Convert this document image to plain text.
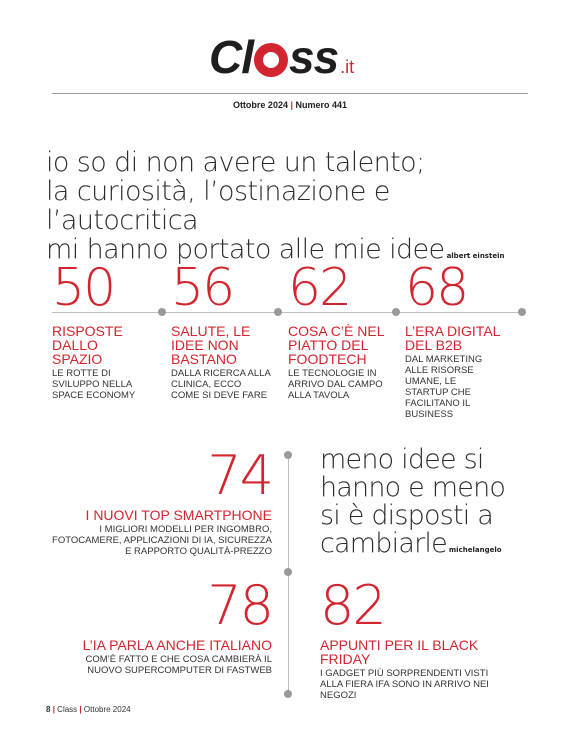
Cl ss .it
Ottobre 2024 | Numero 441
io so di non avere un talento;
la curiosità, l’ostinazione e l’autocritica
mi hanno portato alle mie idee albert einstein
50
RISPOSTE DALLO SPAZIO
LE ROTTE DI SVILUPPO NELLA SPACE ECONOMY
56
SALUTE, LE IDEE NON BASTANO
DALLA RICERCA ALLA CLINICA, ECCO COME SI DEVE FARE
62
COSA C’È NEL PIATTO DEL FOODTECH
LE TECNOLOGIE IN ARRIVO DAL CAMPO ALLA TAVOLA
68
L’ERA DIGITAL DEL B2B
DAL MARKETING ALLE RISORSE UMANE, LE STARTUP CHE FACILITANO IL BUSINESS
74
I NUOVI TOP SMARTPHONE
I MIGLIORI MODELLI PER INGOMBRO, FOTOCAMERE, APPLICAZIONI DI IA, SICUREZZA E RAPPORTO QUALITÀ-PREZZO
meno idee si
hanno e meno
si è disposti a
cambiarle michelangelo
78
L’IA PARLA ANCHE ITALIANO
COM’È FATTO E CHE COSA CAMBIERÀ IL NUOVO SUPERCOMPUTER DI FASTWEB
82
APPUNTI PER IL BLACK FRIDAY
I GADGET PIÙ SORPRENDENTI VISTI ALLA FIERA IFA SONO IN ARRIVO NEI NEGOZI
8 | Class | Ottobre 2024
